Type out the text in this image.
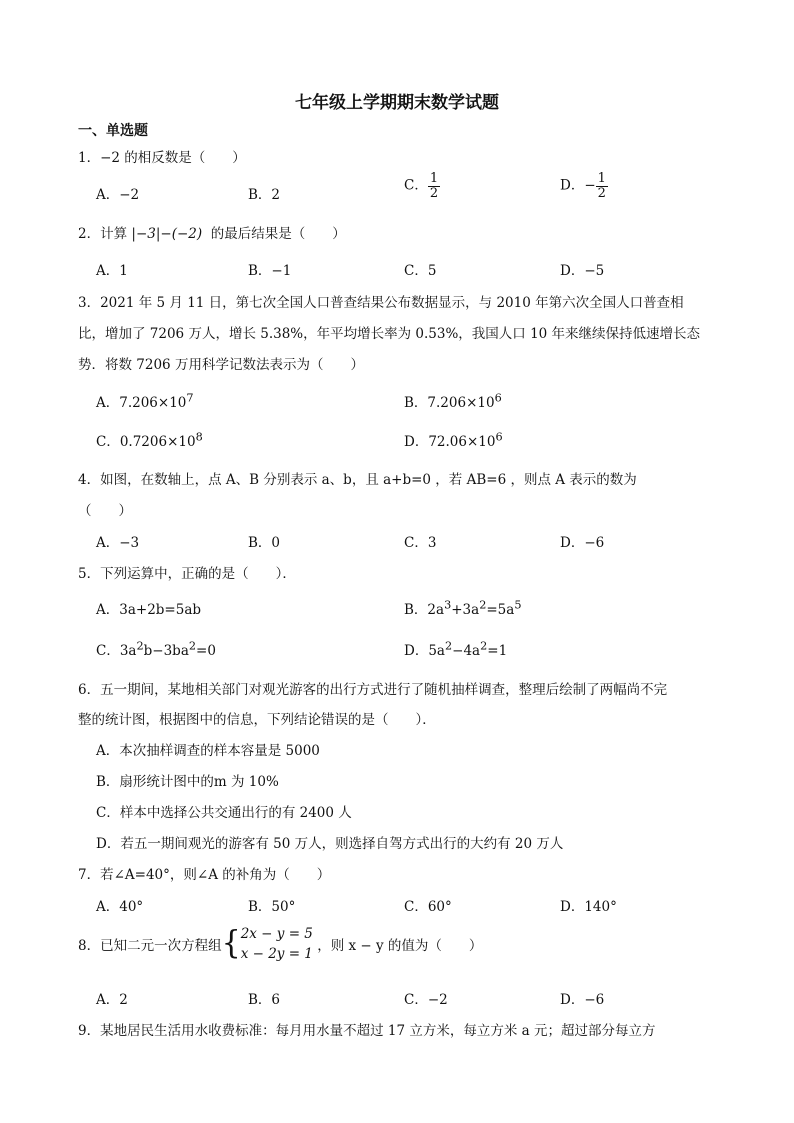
七年级上学期期末数学试题
一、单选题
1．−2 的相反数是（　　）
A．−2	B．2
C． $\frac{1}{2}$	D．− $\frac{1}{2}$
2．计算 |−3|−(−2) 的最后结果是（　　）
A．1	B．−1	C．5	D．−5
3．2021 年 5 月 11 日，第七次全国人口普查结果公布数据显示，与 2010 年第六次全国人口普查相
比，增加了 7206 万人，增长 5.38%，年平均增长率为 0.53%，我国人口 10 年来继续保持低速增长态
势．将数 7206 万用科学记数法表示为（　　）
A．$7.206\times 10^7$	B．$7.206\times 10^6$
C．$0.7206\times 10^8$	D．$72.06\times 10^6$
4．如图，在数轴上，点 A、B 分别表示 a、b，且 a+b=0 ，若 AB=6 ，则点 A 表示的数为
（　　）
A．−3	B．0	C．3	D．−6
5．下列运算中，正确的是（　　）．
A．3a+2b=5ab	B．$2a^3+3a^2=5a^5$
C．$3a^2b-3ba^2=0$	D．$5a^2-4a^2=1$
6．五一期间，某地相关部门对观光游客的出行方式进行了随机抽样调查，整理后绘制了两幅尚不完
整的统计图，根据图中的信息，下列结论错误的是（　　）．
A．本次抽样调查的样本容量是 5000
B．扇形统计图中的m 为 10%
C．样本中选择公共交通出行的有 2400 人
D．若五一期间观光的游客有 50 万人，则选择自驾方式出行的大约有 20 万人
7．若∠A=40°，则∠A 的补角为（　　）
A．40°	B．50°	C．60°	D．140°
8．已知二元一次方程组{ 2x − y = 5
x − 2y = 1 ，则 x − y 的值为（　　）
A．2	B．6	C．−2	D．−6
9．某地居民生活用水收费标准：每月用水量不超过 17 立方米，每立方米 a 元；超过部分每立方
